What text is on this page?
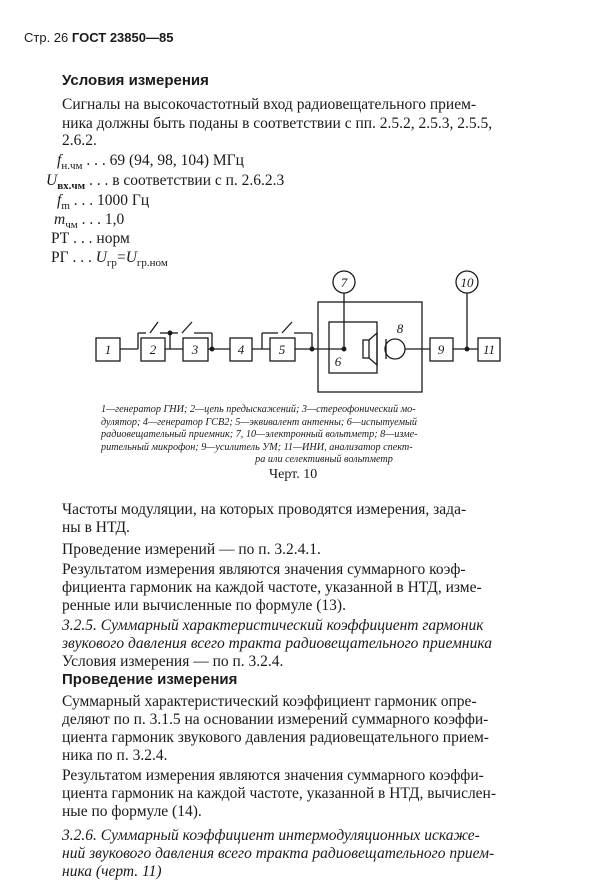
Стр. 26 ГОСТ 23850—85
Условия измерения
Сигналы на высокочастотный вход радиовещательного прием-
ника должны быть поданы в соответствии с пп. 2.5.2, 2.5.3, 2.5.5,
2.6.2.
$f_{н.чм}$ . . . 69 (94, 98, 104) МГц
$U_{вх.чм}$ . . . в соответствии с п. 2.6.2.3
$f_m$ . . . 1000 Гц
$m_{чм}$ . . . 1,0
РТ . . . норм
РГ . . . $U_{гр}=U_{гр.ном}$
1	2	3	4	5	9	11
6
8
7	10
1—генератор ГНИ; 2—цепь предыскажений; 3—стереофонический мо-
дулятор; 4—генератор ГСВ2; 5—эквивалент антенны; 6—испытуемый
радиовещательный приемник; 7, 10—электронный вольтметр; 8—изме-
рительный микрофон; 9—усилитель УМ; 11—ИНИ, анализатор спект-
ра или селективный вольтметр
Черт. 10
Частоты модуляции, на которых проводятся измерения, зада-
ны в НТД.
Проведение измерений — по п. 3.2.4.1.
Результатом измерения являются значения суммарного коэф-
фициента гармоник на каждой частоте, указанной в НТД, изме-
ренные или вычисленные по формуле (13).
3.2.5. Суммарный характеристический коэффициент гармоник
звукового давления всего тракта радиовещательного приемника
Условия измерения — по п. 3.2.4.
Проведение измерения
Суммарный характеристический коэффициент гармоник опре-
деляют по п. 3.1.5 на основании измерений суммарного коэффи-
циента гармоник звукового давления радиовещательного прием-
ника по п. 3.2.4.
Результатом измерения являются значения суммарного коэффи-
циента гармоник на каждой частоте, указанной в НТД, вычислен-
ные по формуле (14).
3.2.6. Суммарный коэффициент интермодуляционных искаже-
ний звукового давления всего тракта радиовещательного прием-
ника (черт. 11)
